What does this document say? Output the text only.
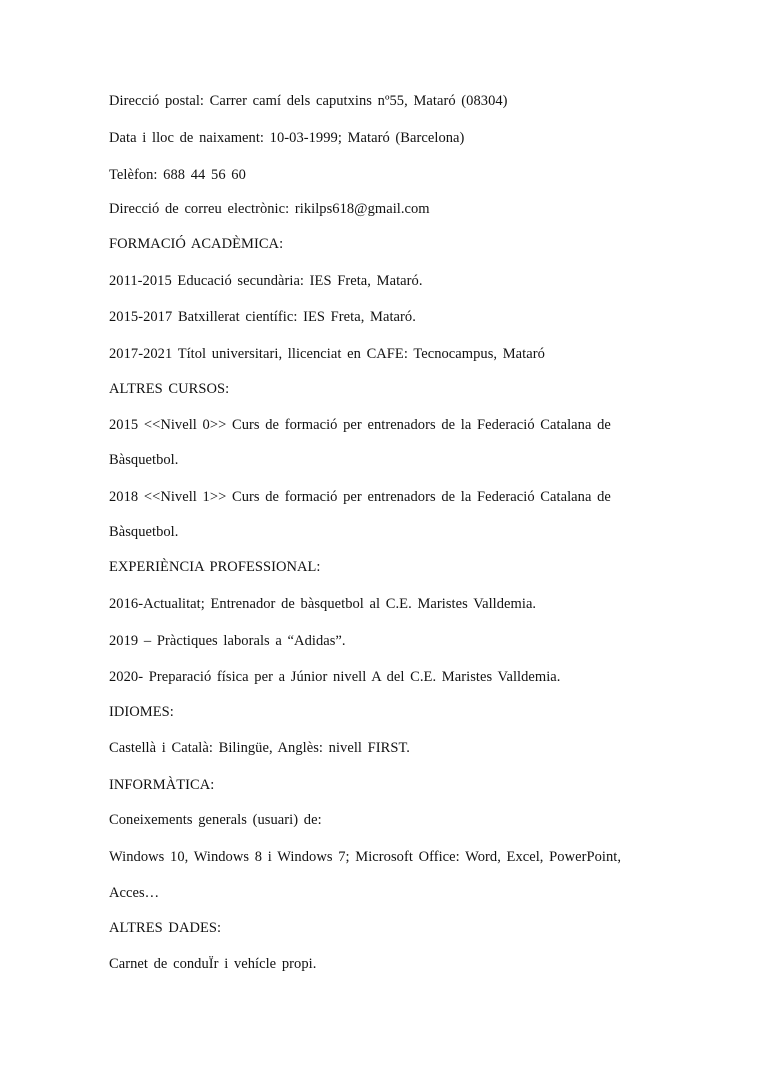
Direcció postal: Carrer camí dels caputxins nº55, Mataró (08304)
Data i lloc de naixament: 10-03-1999; Mataró (Barcelona)
Telèfon: 688 44 56 60
Direcció de correu electrònic: rikilps618@gmail.com
FORMACIÓ ACADÈMICA:
2011-2015 Educació secundària: IES Freta, Mataró.
2015-2017 Batxillerat científic: IES Freta, Mataró.
2017-2021 Títol universitari, llicenciat en CAFE: Tecnocampus, Mataró
ALTRES CURSOS:
2015 <<Nivell 0>> Curs de formació per entrenadors de la Federació Catalana de
Bàsquetbol.
2018 <<Nivell 1>> Curs de formació per entrenadors de la Federació Catalana de
Bàsquetbol.
EXPERIÈNCIA PROFESSIONAL:
2016-Actualitat; Entrenador de bàsquetbol al C.E. Maristes Valldemia.
2019 – Pràctiques laborals a “Adidas”.
2020- Preparació física per a Júnior nivell A del C.E. Maristes Valldemia.
IDIOMES:
Castellà i Català: Bilingüe, Anglès: nivell FIRST.
INFORMÀTICA:
Coneixements generals (usuari) de:
Windows 10, Windows 8 i Windows 7; Microsoft Office: Word, Excel, PowerPoint,
Acces…
ALTRES DADES:
Carnet de conduÏr i vehícle propi.
